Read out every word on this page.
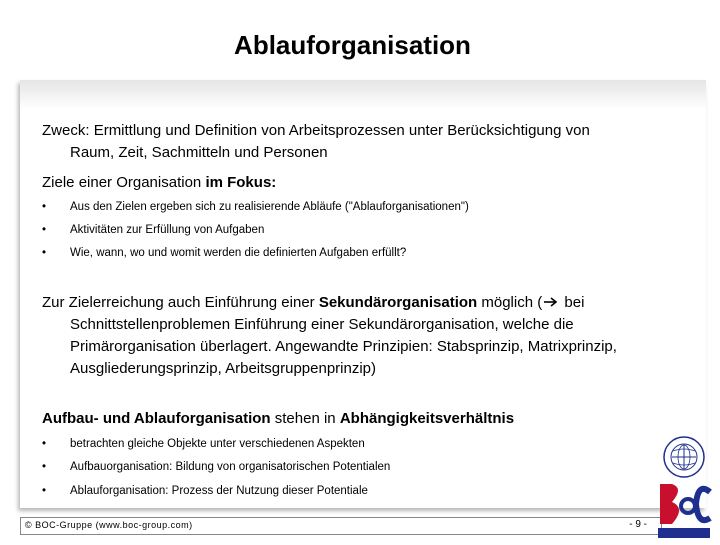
Ablauforganisation
Zweck: Ermittlung und Definition von Arbeitsprozessen unter Berücksichtigung von
Raum, Zeit, Sachmitteln und Personen
Ziele einer Organisation im Fokus:
• Aus den Zielen ergeben sich zu realisierende Abläufe ("Ablauforganisationen")
• Aktivitäten zur Erfüllung von Aufgaben
• Wie, wann, wo und womit werden die definierten Aufgaben erfüllt?
Zur Zielerreichung auch Einführung einer Sekundärorganisation möglich ( bei
Schnittstellenproblemen Einführung einer Sekundärorganisation, welche die
Primärorganisation überlagert. Angewandte Prinzipien: Stabsprinzip, Matrixprinzip,
Ausgliederungsprinzip, Arbeitsgruppenprinzip)
Aufbau- und Ablauforganisation stehen in Abhängigkeitsverhältnis
• betrachten gleiche Objekte unter verschiedenen Aspekten
• Aufbauorganisation: Bildung von organisatorischen Potentialen
• Ablauforganisation: Prozess der Nutzung dieser Potentiale
© BOC-Gruppe (www.boc-group.com)	- 9 -
